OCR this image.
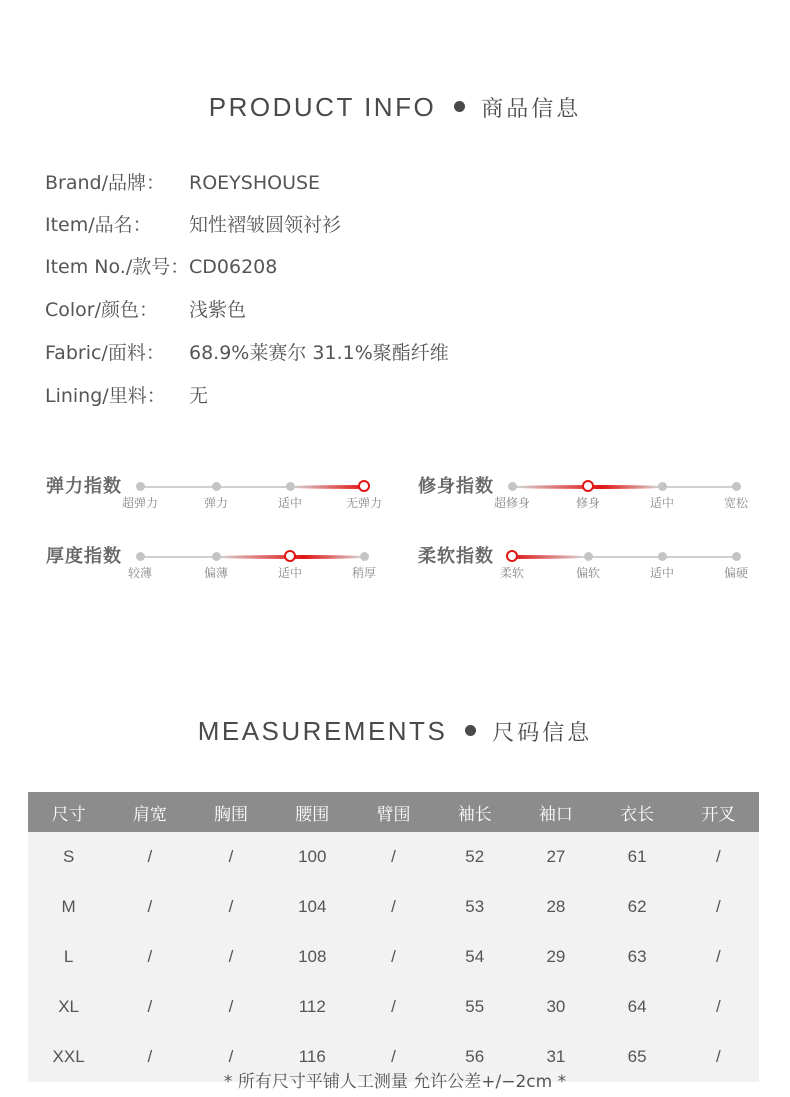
PRODUCT INFO 商品信息
Brand/品牌： ROEYSHOUSE
Item/品名： 知性褶皱圆领衬衫
Item No./款号：CD06208
Color/颜色： 浅紫色
Fabric/面料： 68.9%莱赛尔 31.1%聚酯纤维
Lining/里料： 无
弹力指数
超弹力	弹力	适中	无弹力
修身指数
超修身	修身	适中	宽松
厚度指数
较薄	偏薄	适中	稍厚
柔软指数
柔软	偏软	适中	偏硬
MEASUREMENTS 尺码信息
尺寸	肩宽	胸围	腰围	臂围	袖长	袖口	衣长	开叉
S	/	/	100	/	52	27	61	/
M	/	/	104	/	53	28	62	/
L	/	/	108	/	54	29	63	/
XL	/	/	112	/	55	30	64	/
XXL	/	/	116	/	56	31	65	/
* 所有尺寸平铺人工测量 允许公差+/−2cm *
